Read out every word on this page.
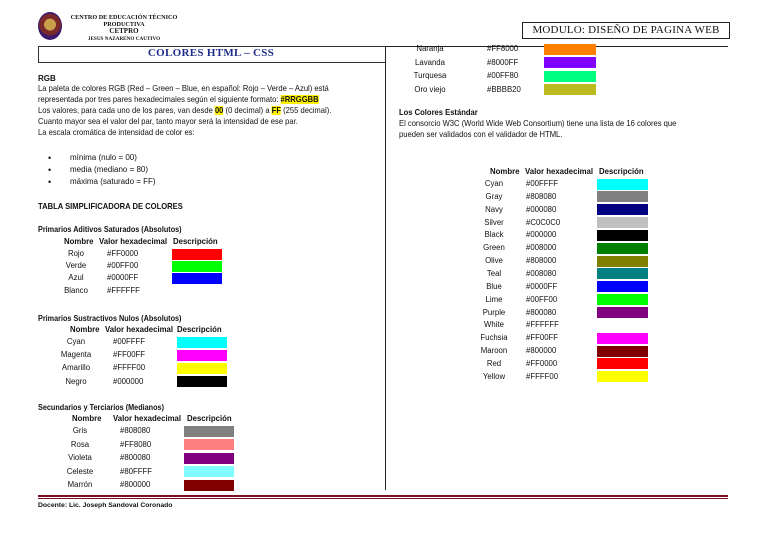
CENTRO DE EDUCACIÓN TÉCNICO
PRODUCTIVA
CETPRO
JESUS NAZARENO CAUTIVO
MODULO: DISEÑO DE PAGINA WEB
COLORES HTML – CSS
RGB
La paleta de colores RGB (Red – Green – Blue, en español: Rojo – Verde – Azul) está
representada por tres pares hexadecimales según el siguiente formato: #RRGGBB
Los valores, para cada uno de los pares, van desde 00 (0 decimal) a FF (255 decimal).
Cuanto mayor sea el valor del par, tanto mayor será la intensidad de ese par.
La escala cromática de intensidad de color es:
• mínima (nulo = 00)
• media (mediano = 80)
• máxima (saturado = FF)
TABLA SIMPLIFICADORA DE COLORES
Primarios Aditivos Saturados (Absolutos)
Nombre Valor hexadecimal Descripción
Rojo	#FF0000
Verde	#00FF00
Azul	#0000FF
Blanco	#FFFFFF
Primarios Sustractivos Nulos (Absolutos)
Nombre Valor hexadecimal Descripción
Cyan	#00FFFF
Magenta	#FF00FF
Amarillo	#FFFF00
Negro	#000000
Secundarios y Terciarios (Medianos)
Nombre Valor hexadecimal Descripción
Gris	#808080
Rosa	#FF8080
Violeta	#800080
Celeste	#80FFFF
Marrón	#800000
Naranja	#FF8000
Lavanda	#8000FF
Turquesa	#00FF80
Oro viejo	#BBBB20
Los Colores Estándar
El consorcio W3C (World Wide Web Consortium) tiene una lista de 16 colores que
pueden ser validados con el validador de HTML.
Nombre Valor hexadecimal Descripción
Cyan	#00FFFF
Gray	#808080
Navy	#000080
Silver	#C0C0C0
Black	#000000
Green	#008000
Olive	#808000
Teal	#008080
Blue	#0000FF
Lime	#00FF00
Purple	#800080
White	#FFFFFF
Fuchsia	#FF00FF
Maroon	#800000
Red	#FF0000
Yellow	#FFFF00
Docente: Lic. Joseph Sandoval Coronado
